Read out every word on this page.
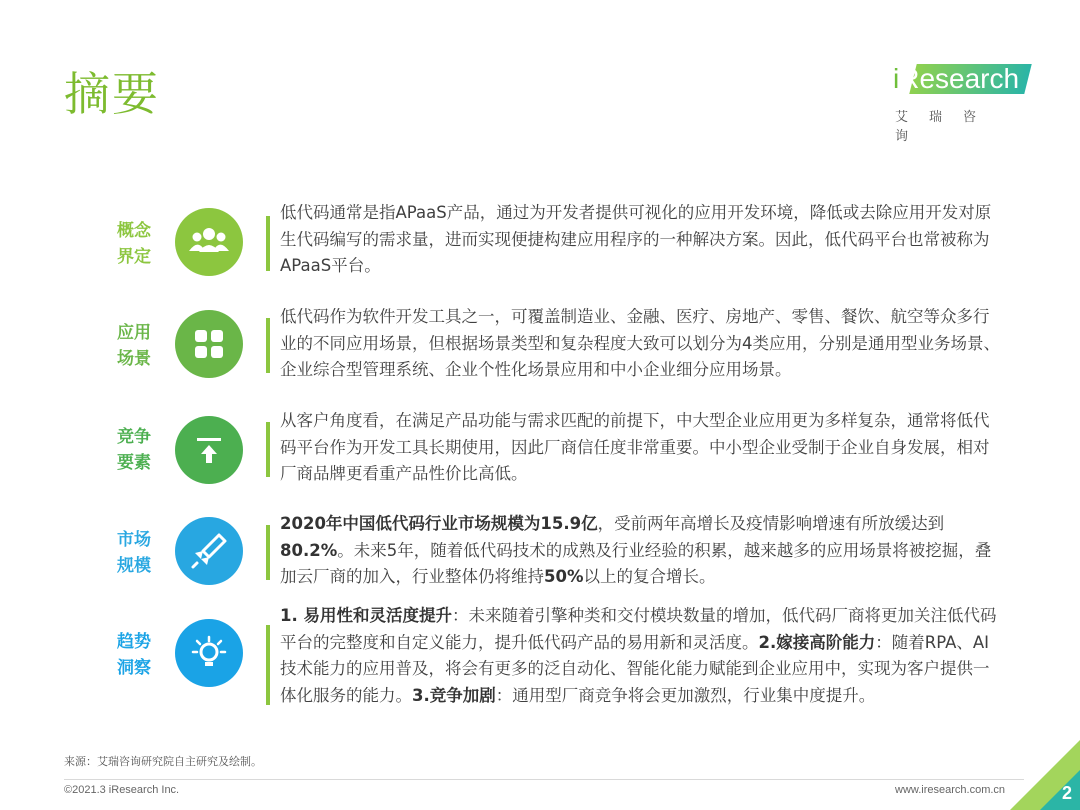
摘要	iResearch
艾瑞咨询
概念
界定
低代码通常是指APaaS产品，通过为开发者提供可视化的应用开发环境，降低或去除应用开发对原生代码编写的需求量，进而实现便捷构建应用程序的一种解决方案。因此，低代码平台也常被称为APaaS平台。
应用
场景
低代码作为软件开发工具之一，可覆盖制造业、金融、医疗、房地产、零售、餐饮、航空等众多行业的不同应用场景，但根据场景类型和复杂程度大致可以划分为4类应用，分别是通用型业务场景、企业综合型管理系统、企业个性化场景应用和中小企业细分应用场景。
竞争
要素
从客户角度看，在满足产品功能与需求匹配的前提下，中大型企业应用更为多样复杂，通常将低代码平台作为开发工具长期使用，因此厂商信任度非常重要。中小型企业受制于企业自身发展，相对厂商品牌更看重产品性价比高低。
市场
规模
2020年中国低代码行业市场规模为15.9亿，受前两年高增长及疫情影响增速有所放缓达到80.2%。未来5年，随着低代码技术的成熟及行业经验的积累，越来越多的应用场景将被挖掘，叠加云厂商的加入，行业整体仍将维持50%以上的复合增长。
趋势
洞察
1. 易用性和灵活度提升：未来随着引擎种类和交付模块数量的增加，低代码厂商将更加关注低代码平台的完整度和自定义能力，提升低代码产品的易用新和灵活度。2.嫁接高阶能力：随着RPA、AI技术能力的应用普及，将会有更多的泛自动化、智能化能力赋能到企业应用中，实现为客户提供一体化服务的能力。3.竞争加剧：通用型厂商竞争将会更加激烈，行业集中度提升。
来源：艾瑞咨询研究院自主研究及绘制。
©2021.3 iResearch Inc.	www.iresearch.com.cn	2
